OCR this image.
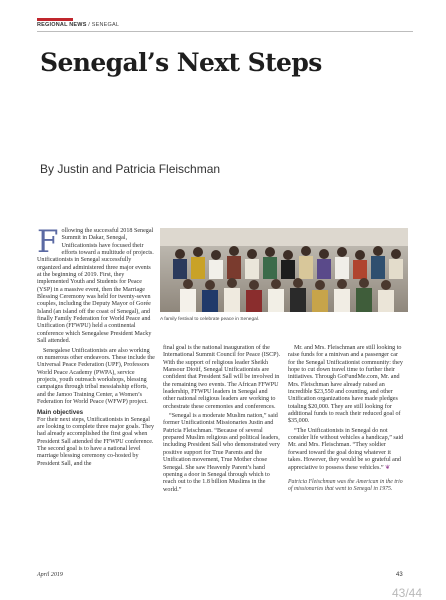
REGIONAL NEWS / SENEGAL
Senegal’s Next Steps
By Justin and Patricia Fleischman

Following the successful 2018 Senegal Summit in Dakar, Senegal, Unificationists have focused their efforts toward a multitude of projects. Unificationists in Senegal successfully organized and administered three major events at the beginning of 2019. First, they implemented Youth and Students for Peace (YSP) in a massive event, then the Marriage Blessing Ceremony was held for twenty-seven couples, including the Deputy Mayor of Gorée Island (an island off the coast of Senegal), and finally Family Federation for World Peace and Unification (FFWPU) held a continental conference which Senegalese President Macky Sall attended.

Senegalese Unificationists are also working on numerous other endeavors. These include the Universal Peace Federation (UPF), Professors World Peace Academy (PWPA), service projects, youth outreach workshops, blessing campaigns through tribal messiahship efforts, and the Jamoo Training Center, a Women’s Federation for World Peace (WFWP) project.

Main objectives

For their next steps, Unificationists in Senegal are looking to complete three major goals. They had already accomplished the first goal when President Sall attended the FFWPU conference. The second goal is to have a national level marriage blessing ceremony co-hosted by President Sall, and the

A family festival to celebrate peace in Senegal.

final goal is the national inauguration of the International Summit Council for Peace (ISCP). With the support of religious leader Sheikh Mansour Dioüf, Senegal Unificationists are confident that President Sall will be involved in the remaining two events. The African FFWPU leadership, FFWPU leaders in Senegal and other national religious leaders are working to orchestrate these ceremonies and conferences.

“Senegal is a moderate Muslim nation,” said former Unificationist Missionaries Justin and Patricia Fleischman. “Because of several prepared Muslim religious and political leaders, including President Sall who demonstrated very positive support for True Parents and the Unification movement, True Mother chose Senegal. She saw Heavenly Parent’s hand opening a door in Senegal through which to reach out to the 1.8 billion Muslims in the world.”

Mr. and Mrs. Fleischman are still looking to raise funds for a minivan and a passenger car for the Senegal Unificationist community: they hope to cut down travel time to further their initiatives. Through GoFundMe.com, Mr. and Mrs. Fleischman have already raised an incredible $23,550 and counting, and other Unification organizations have made pledges totaling $20,000. They are still looking for additional funds to reach their reduced goal of $35,000.

“The Unificationists in Senegal do not consider life without vehicles a handicap,” said Mr. and Mrs. Fleischman. “They soldier forward toward the goal doing whatever it takes. However, they would be so grateful and appreciative to possess these vehicles.” ❦

Patricia Fleischman was the American in the trio of missionaries that went to Senegal in 1975.
April 2019	43
43/44
